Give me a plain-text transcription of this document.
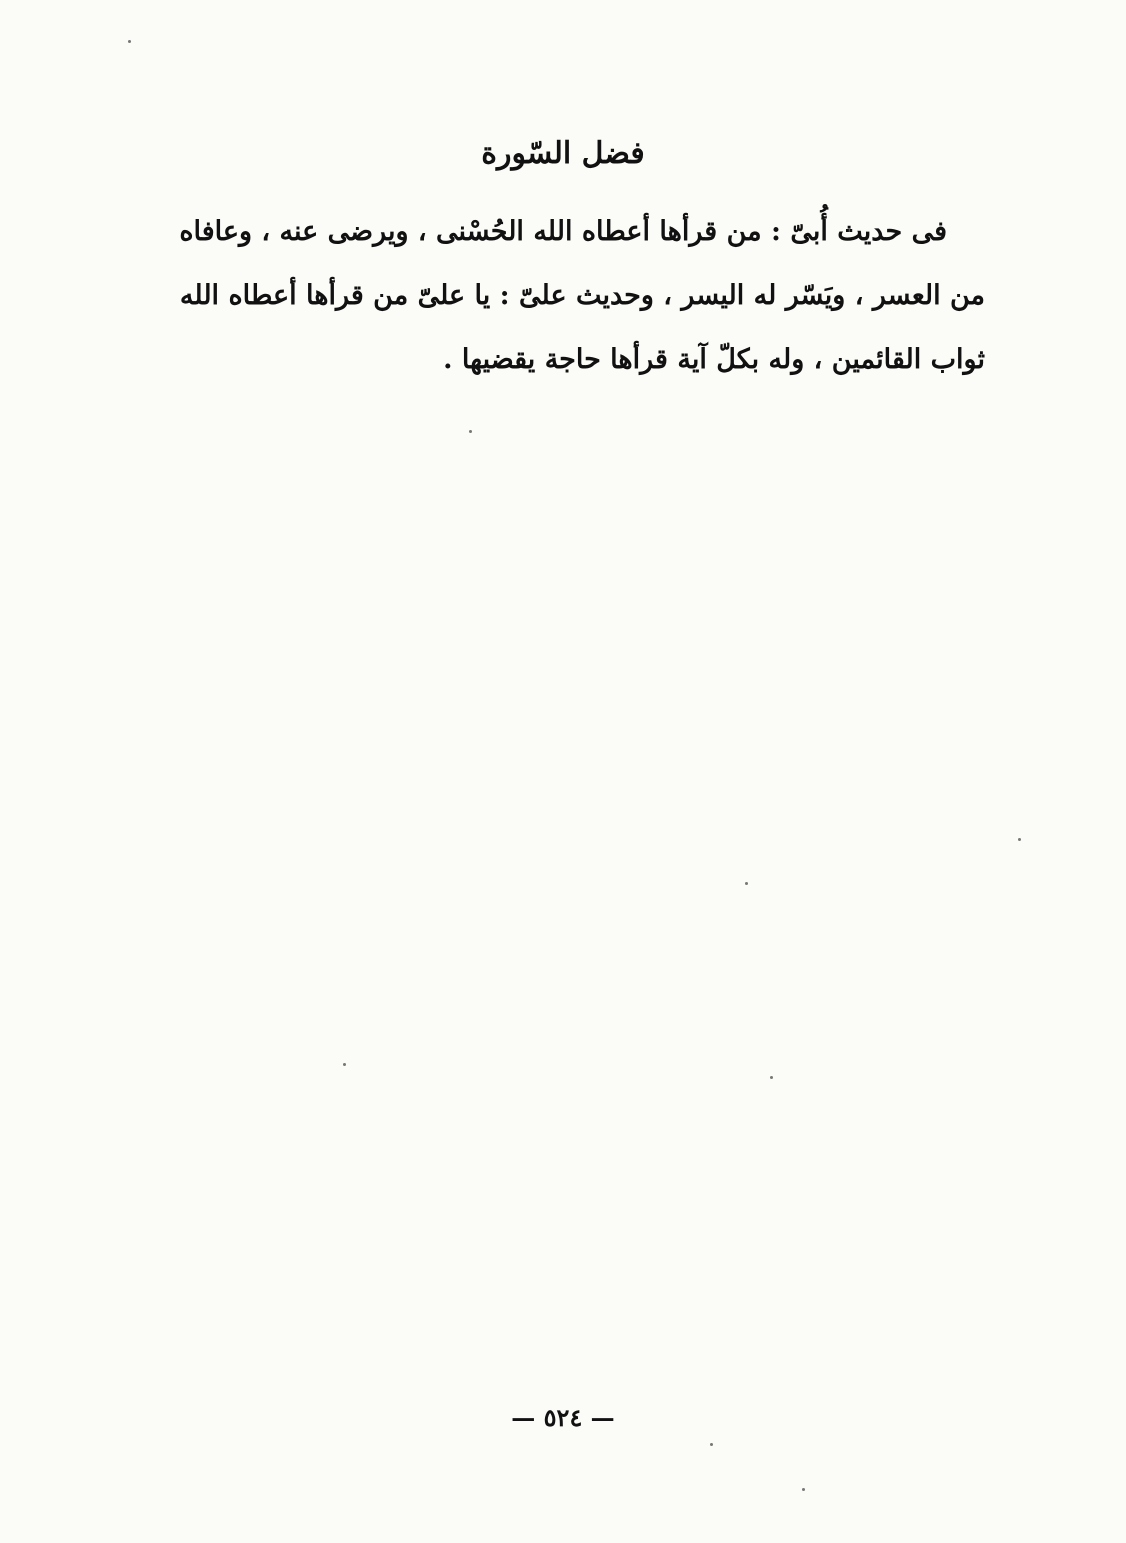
فضل السّورة
فى حديث أُبىّ : من قرأها أعطاه الله الحُسْنى ، ويرضى عنه ، وعافاه
من العسر ، ويَسّر له اليسر ، وحديث علىّ : يا علىّ من قرأها أعطاه الله
ثواب القائمين ، وله بكلّ آية قرأها حاجة يقضيها .
— ٥٢٤ —
